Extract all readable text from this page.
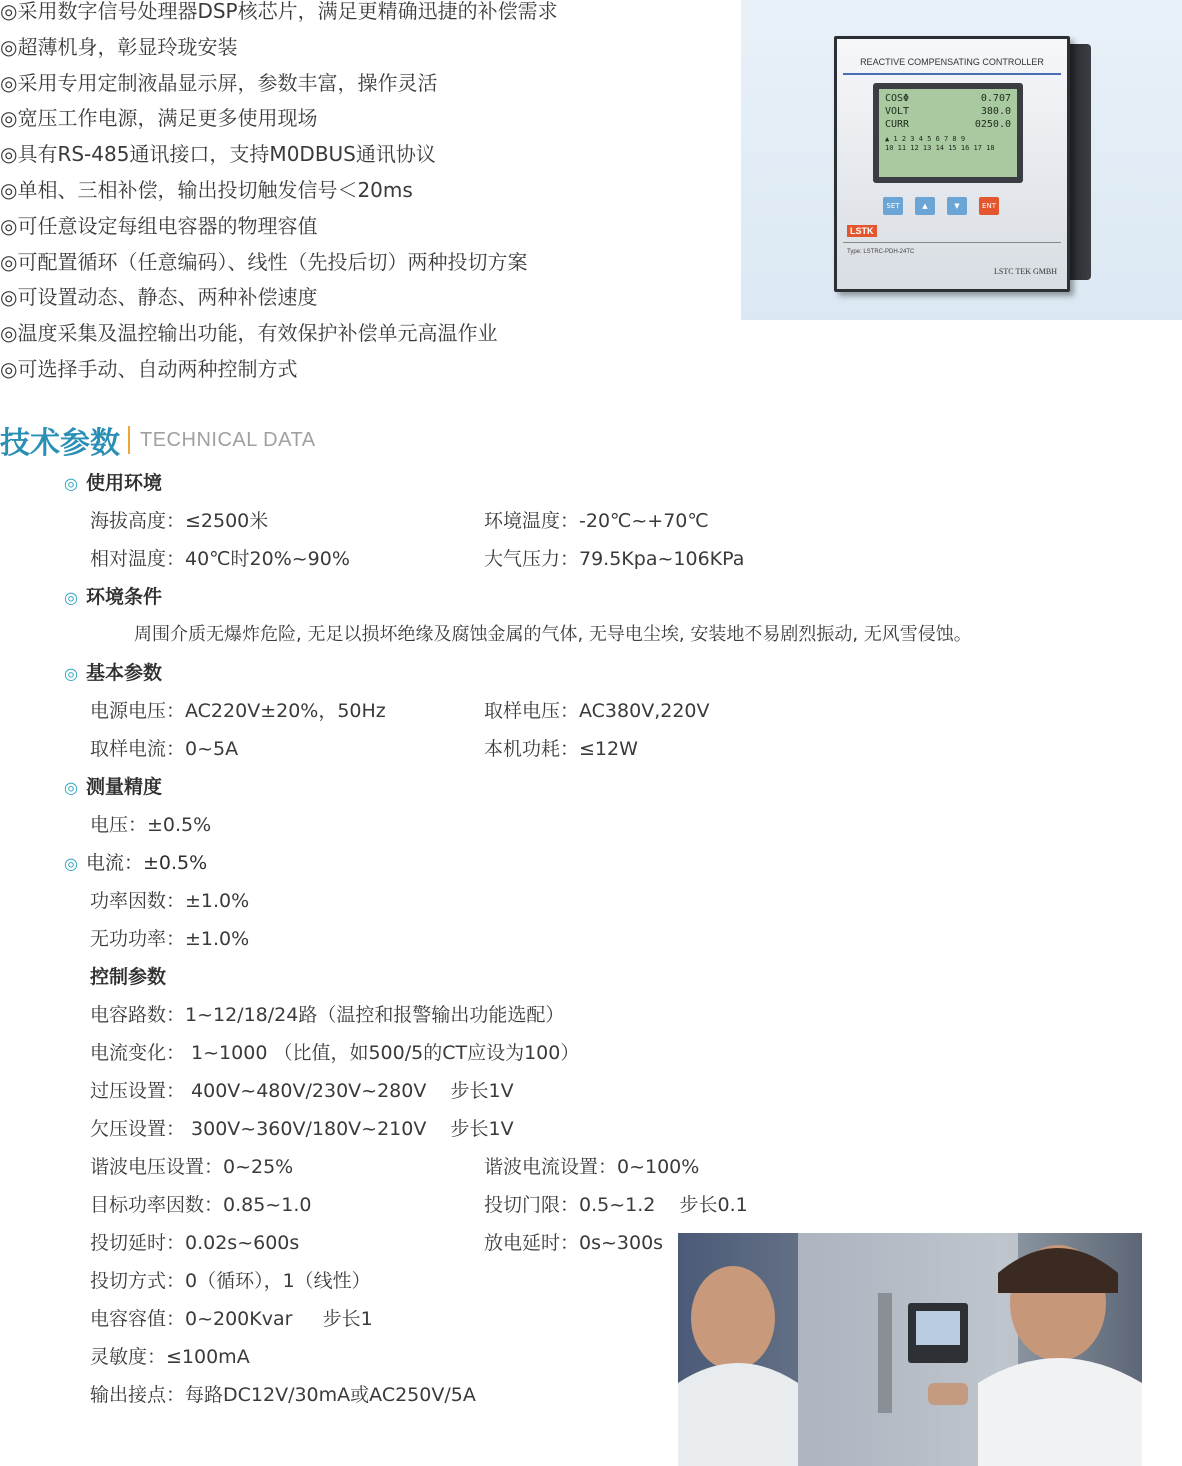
◎采用数字信号处理器DSP核芯片，满足更精确迅捷的补偿需求
◎超薄机身，彰显玲珑安装
◎采用专用定制液晶显示屏，参数丰富，操作灵活
◎宽压工作电源，满足更多使用现场
◎具有RS-485通讯接口，支持M0DBUS通讯协议
◎单相、三相补偿，输出投切触发信号＜20ms
◎可任意设定每组电容器的物理容值
◎可配置循环（任意编码）、线性（先投后切）两种投切方案
◎可设置动态、静态、两种补偿速度
◎温度采集及温控输出功能，有效保护补偿单元高温作业
◎可选择手动、自动两种控制方式
REACTIVE COMPENSATING CONTROLLER
COSΦ	0.707
VOLT	380.0
CURR	0250.0
▲ 1 2 3 4 5 6 7 8 9
10 11 12 13 14 15 16 17 18
SET	▲	▼	ENT
LSTK
Type: LSTRC-PDH-24TC
LSTC TEK GMBH
技术参数 TECHNICAL DATA
◎ 使用环境
海拔高度：≤2500米	环境温度：-20℃~+70℃
相对温度：40℃时20%~90%	大气压力：79.5Kpa~106KPa
◎ 环境条件
周围介质无爆炸危险, 无足以损坏绝缘及腐蚀金属的气体, 无导电尘埃, 安装地不易剧烈振动, 无风雪侵蚀。
◎ 基本参数
电源电压：AC220V±20%，50Hz	取样电压：AC380V,220V
取样电流：0~5A	本机功耗：≤12W
◎ 测量精度
电压：±0.5%
◎ 电流：±0.5%
功率因数：±1.0%
无功功率：±1.0%
控制参数
电容路数：1~12/18/24路（温控和报警输出功能选配）
电流变化： 1~1000 （比值，如500/5的CT应设为100）
过压设置： 400V~480V/230V~280V    步长1V
欠压设置： 300V~360V/180V~210V    步长1V
谐波电压设置：0~25%	谐波电流设置：0~100%
目标功率因数：0.85~1.0	投切门限：0.5~1.2    步长0.1
投切延时：0.02s~600s	放电延时：0s~300s
投切方式：0（循环），1（线性）
电容容值：0~200Kvar     步长1
灵敏度：≤100mA
输出接点：每路DC12V/30mA或AC250V/5A
